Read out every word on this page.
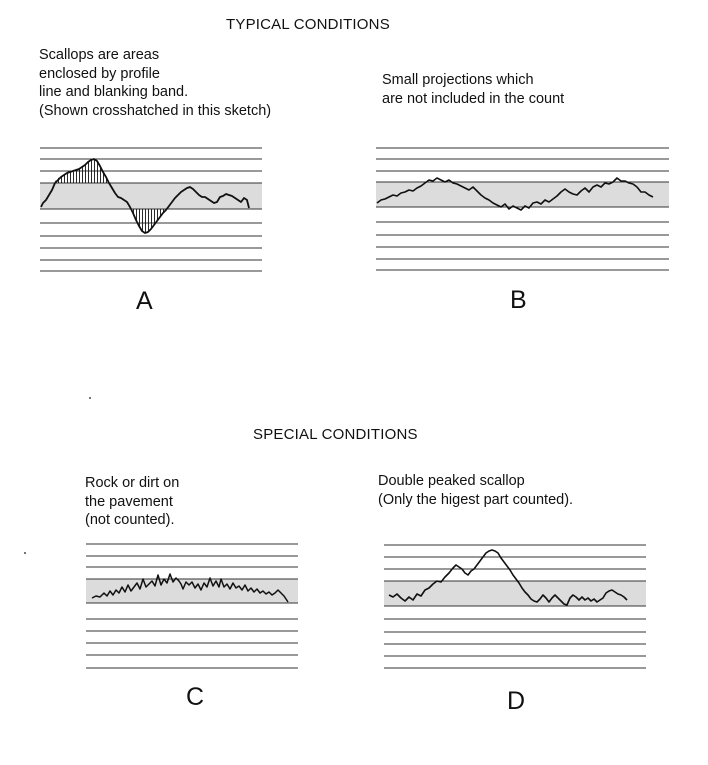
TYPICAL CONDITIONS
SPECIAL CONDITIONS
Scallops are areas
enclosed by profile
line and blanking band.
(Shown crosshatched in this sketch)
Small projections which
are not included in the count
Rock or dirt on
the pavement
(not counted).
Double peaked scallop
(Only the higest part counted).
A	B
C	D
